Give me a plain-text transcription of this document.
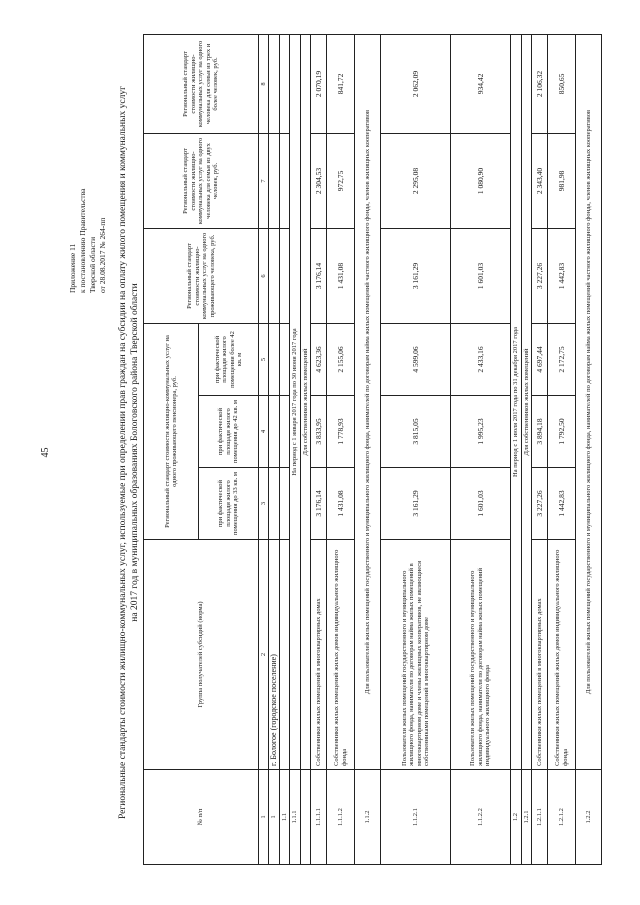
45
Приложение 11 к постановлению Правительства Тверской области от 28.08.2017 № 264-пп Региональные стандарты стоимости жилищно-коммунальных услуг, используемые при определении прав граждан на субсидии на оплату жилого помещения и коммунальных услуг на 2017 год в муниципальных образованиях Бологовского района Тверской области
№ п/п	Группа получателей субсидий (норма)	Региональный стандарт стоимости жилищно-коммунальных услуг на одного проживающего пенсионера, руб.			Региональный стандарт стоимости жилищно-коммунальных услуг на одного проживающего человека, руб.	Региональный стандарт стоимости жилищно-коммунальных услуг на одного человека для семьи из двух человек, руб.	Региональный стандарт стоимости жилищно-коммунальных услуг на одного человека для семьи из трех и более человек, руб.
		при фактической площади жилого помещения до 33 кв. м	при фактической площади жилого помещения до 42 кв. м	при фактической площади жилого помещения более 42 кв. м			
1	2	3	4	5	6	7	8
1	г. Бологое (городское поселение)						
1.1							
1.1.1	На период с 1 января 2017 года по 30 июня 2017 года						
	Для собственников жилых помещений						
1.1.1.1	Собственники жилых помещений в многоквартирных домах	3 176,14	3 833,95	4 623,36	3 176,14	2 304,53	2 070,19
1.1.1.2	Собственники жилых помещений жилых домов индивидуального жилищного фонда	1 431,08	1 778,93	2 155,06	1 431,08	972,75	841,72
1.1.2	Для пользователей жилых помещений государственного и муниципального жилищного фонда, нанимателей по договорам найма жилых помещений частного жилищного фонда, членов жилищных кооперативов						
1.1.2.1	Пользователи жилых помещений государственного и муниципального жилищного фонда, наниматели по договорам найма жилых помещений в многоквартирном доме и члены жилищных кооперативов, не являющиеся собственниками помещений в многоквартирном доме	3 161,29	3 815,05	4 599,06	3 161,29	2 295,08	2 062,09
1.1.2.2	Пользователи жилых помещений государственного и муниципального жилищного фонда, наниматели по договорам найма жилых помещений индивидуального жилищного фонда	1 601,03	1 995,23	2 433,16	1 601,03	1 080,90	934,42
1.2	На период с 1 июля 2017 года по 31 декабря 2017 года						
1.2.1	Для собственников жилых помещений						
1.2.1.1	Собственники жилых помещений в многоквартирных домах	3 227,26	3 894,18	4 697,44	3 227,26	2 343,40	2 106,32
1.2.1.2	Собственники жилых помещений жилых домов индивидуального жилищного фонда	1 442,83	1 792,50	2 172,75	1 442,83	981,98	850,65
1.2.2	Для пользователей жилых помещений государственного и муниципального жилищного фонда, нанимателей по договорам найма жилых помещений частного жилищного фонда, членов жилищных кооперативов						
